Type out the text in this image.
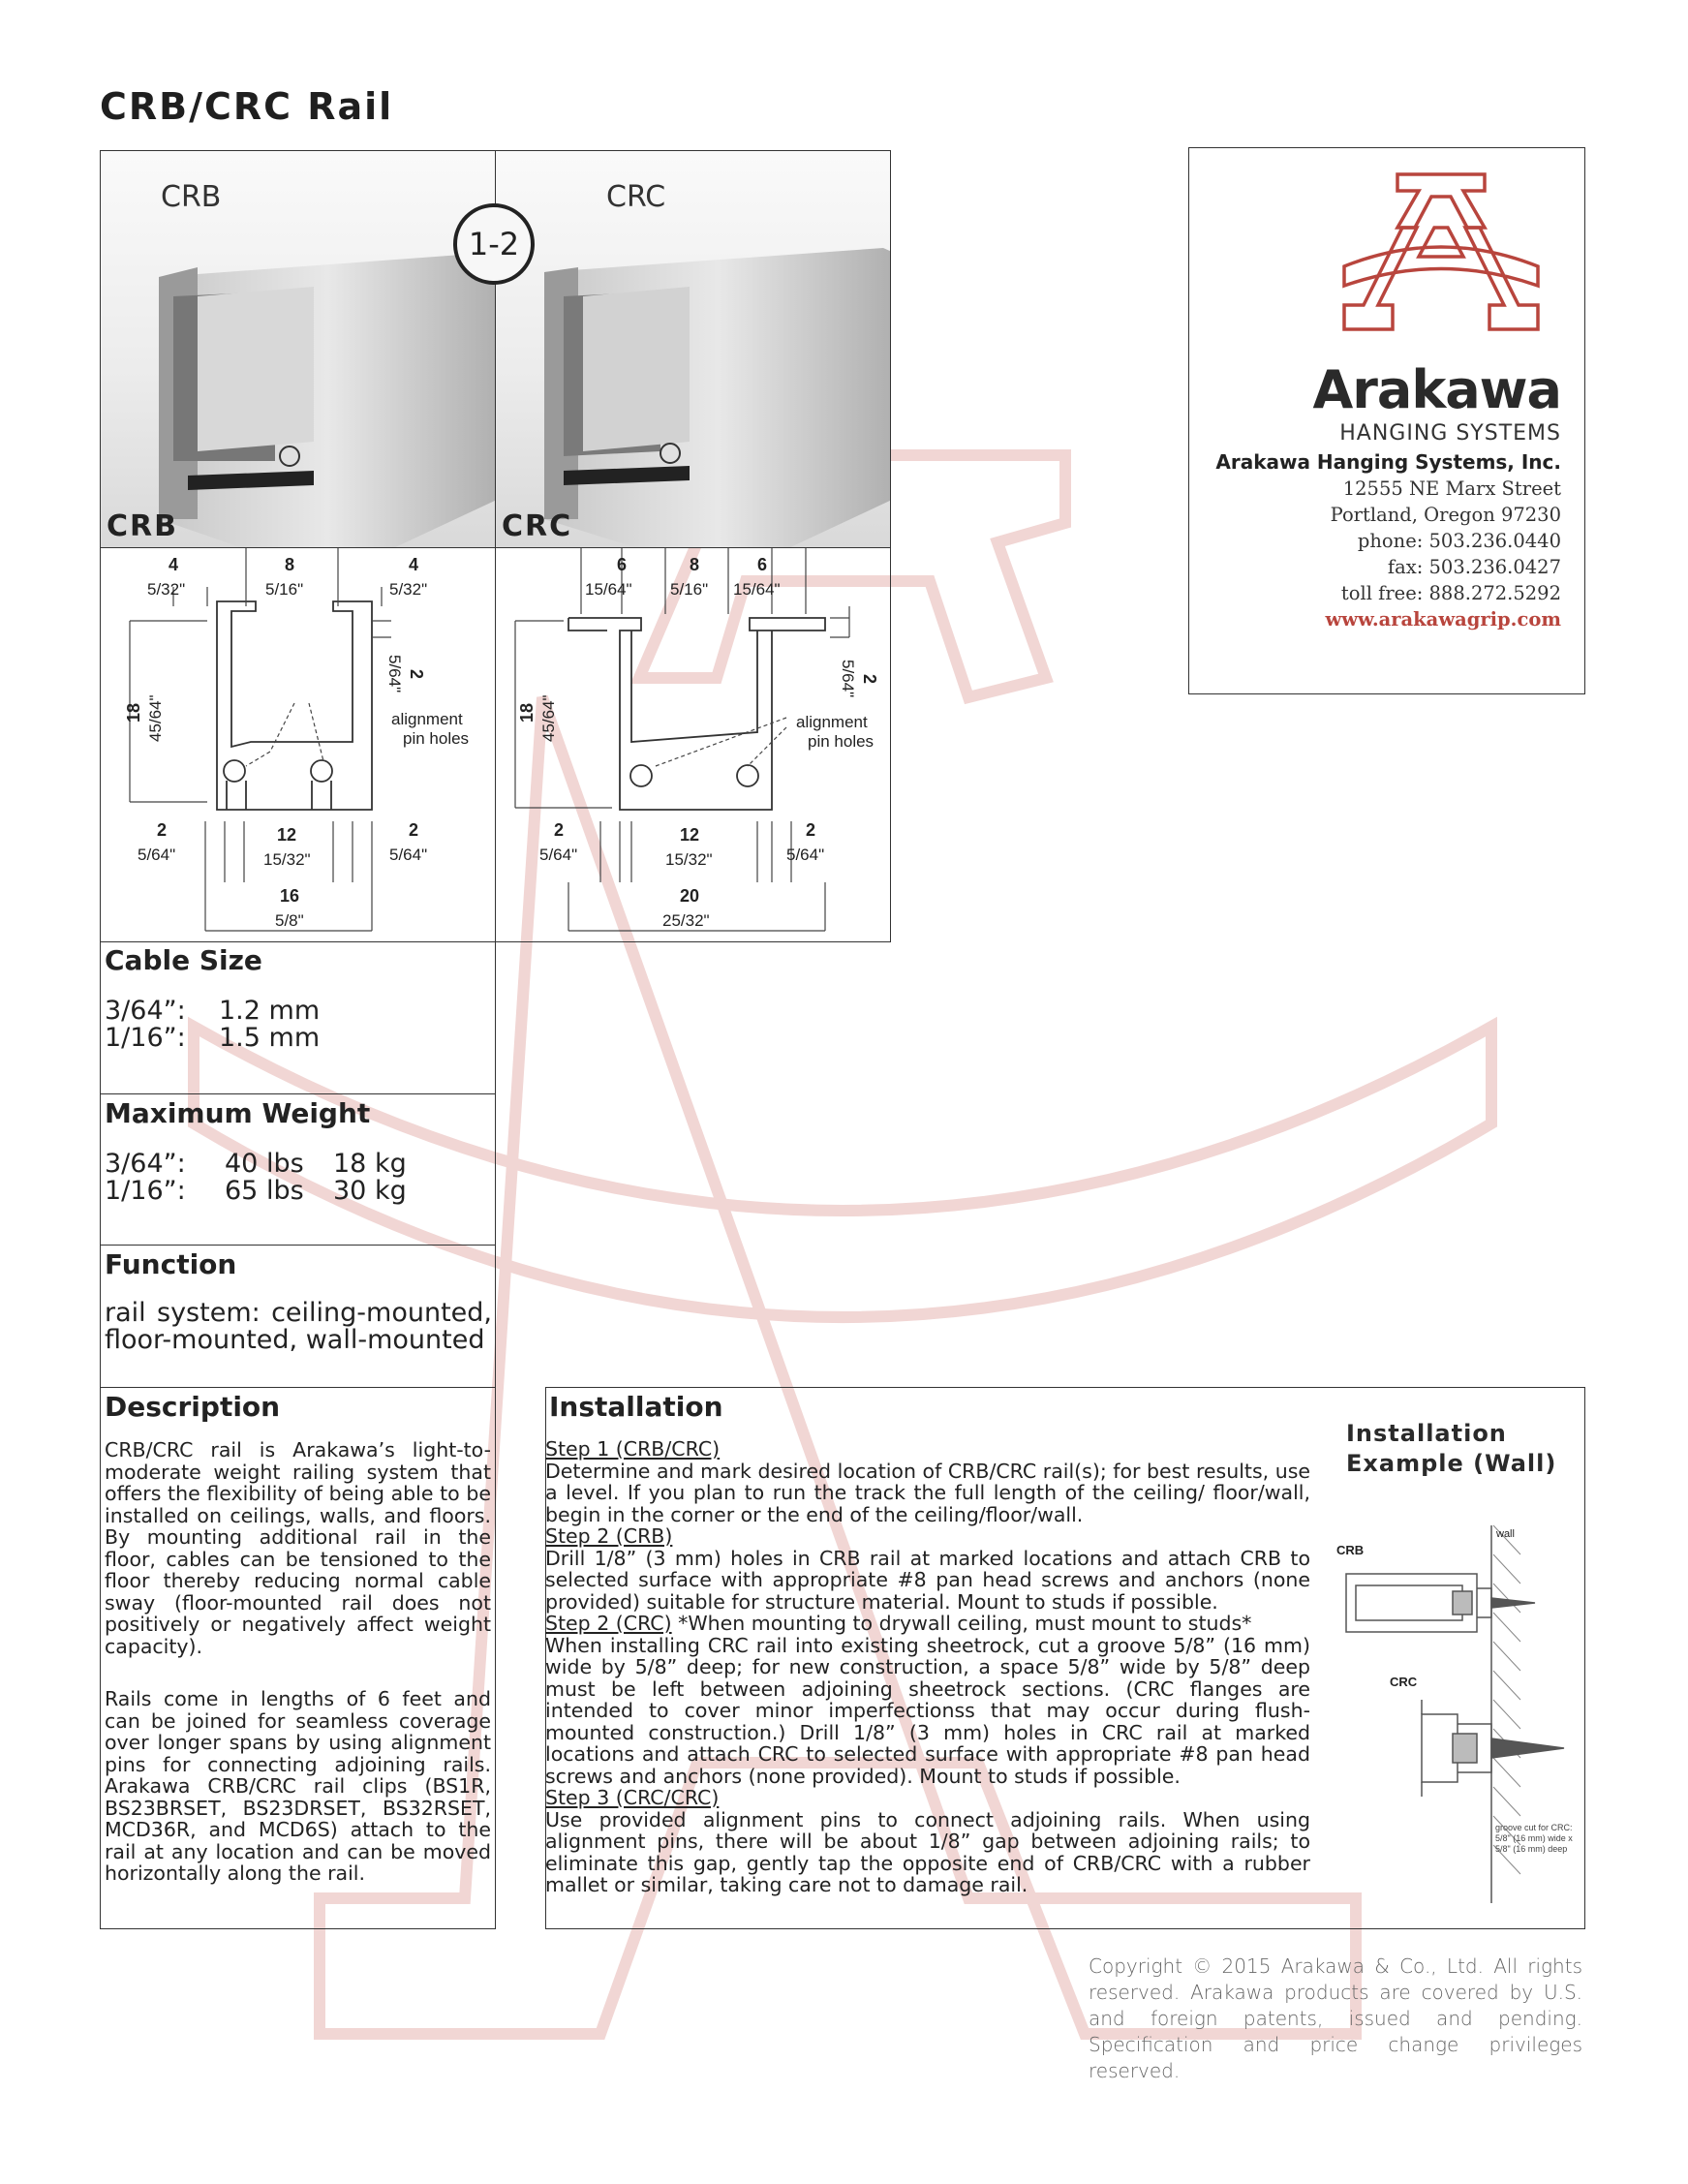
CRB/CRC Rail
CRB
CRB
CRC
CRC
1-2
4
5/32"
8
5/16"
4
5/32"
18 45/64"
2
5/64"
alignment
pin holes
2
5/64"
12
15/32"
2
5/64"
16
5/8"
6
15/64"
8
5/16"
6
15/64"
18 45/64"
2
5/64"
alignment
pin holes
2
5/64"
12
15/32"
2
5/64"
20
25/32"
Arakawa
HANGING SYSTEMS
Arakawa Hanging Systems, Inc.
12555 NE Marx Street
Portland, Oregon 97230
phone: 503.236.0440
fax: 503.236.0427
toll free: 888.272.5292
www.arakawagrip.com
Cable Size
3/64”: 1.2 mm
1/16”: 1.5 mm
Maximum Weight
3/64”: 40 lbs 18 kg
1/16”: 65 lbs 30 kg
Function
rail system: ceiling-mounted, floor-mounted, wall-mounted
Description
CRB/CRC rail is Arakawa’s light-to-moderate weight railing system that offers the flexibility of being able to be installed on ceilings, walls, and floors. By mounting additional rail in the floor, cables can be tensioned to the floor thereby reducing normal cable sway (floor-mounted rail does not positively or negatively affect weight capacity).
Rails come in lengths of 6 feet and can be joined for seamless coverage over longer spans by using alignment pins for connecting adjoining rails. Arakawa CRB/CRC rail clips (BS1R, BS23BRSET, BS23DRSET, BS32RSET, MCD36R, and MCD6S) attach to the rail at any location and can be moved horizontally along the rail.
Installation
Step 1 (CRB/CRC)
Determine and mark desired location of CRB/CRC rail(s); for best results, use a level. If you plan to run the track the full length of the ceiling/ floor/wall, begin in the corner or the end of the ceiling/floor/wall.
Step 2 (CRB)
Drill 1/8” (3 mm) holes in CRB rail at marked locations and attach CRB to selected surface with appropriate #8 pan head screws and anchors (none provided) suitable for structure material. Mount to studs if possible.
Step 2 (CRC) *When mounting to drywall ceiling, must mount to studs*
When installing CRC rail into existing sheetrock, cut a groove 5/8” (16 mm) wide by 5/8” deep; for new construction, a space 5/8” wide by 5/8” deep must be left between adjoining sheetrock sections. (CRC flanges are intended to cover minor imperfectionss that may occur during flush-mounted construction.) Drill 1/8” (3 mm) holes in CRC rail at marked locations and attach CRC to selected surface with appropriate #8 pan head screws and anchors (none provided). Mount to studs if possible.
Step 3 (CRC/CRC)
Use provided alignment pins to connect adjoining rails. When using alignment pins, there will be about 1/8” gap between adjoining rails; to eliminate this gap, gently tap the opposite end of CRB/CRC with a rubber mallet or similar, taking care not to damage rail.
Installation
Example (Wall)
CRB
CRC
wall
groove cut for CRC:
5/8" (16 mm) wide x
5/8" (16 mm) deep
Copyright © 2015 Arakawa & Co., Ltd. All rights reserved. Arakawa products are covered by U.S. and foreign patents, issued and pending. Specification and price change privileges reserved.
